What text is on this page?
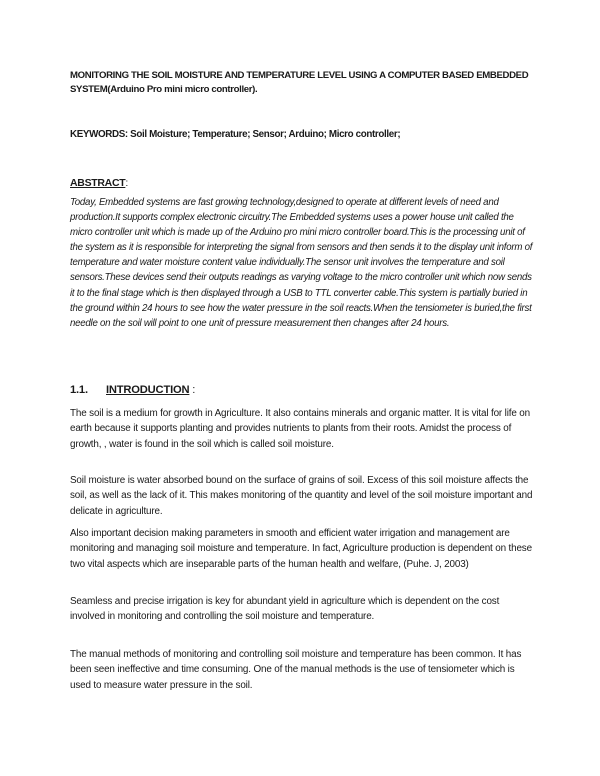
MONITORING THE SOIL MOISTURE AND TEMPERATURE LEVEL USING A COMPUTER BASED EMBEDDED SYSTEM(Arduino Pro mini micro controller).

KEYWORDS: Soil Moisture; Temperature; Sensor; Arduino; Micro controller;

ABSTRACT:

Today, Embedded systems are fast growing technology,designed to operate at different levels of need and production.It supports complex electronic circuitry.The Embedded systems uses a power house unit called the micro controller unit which is made up of the Arduino pro mini micro controller board.This is the processing unit of the system as it is responsible for interpreting the signal from sensors and then sends it to the display unit inform of temperature and water moisture content value individually.The sensor unit involves the temperature and soil sensors.These devices send their outputs readings as varying voltage to the micro controller unit which now sends it to the final stage which is then displayed through a USB to TTL converter cable.This system is partially buried in the ground within 24 hours to see how the water pressure in the soil reacts.When the tensiometer is buried,the first needle on the soil will point to one unit of pressure measurement then changes after 24 hours.

1.1. INTRODUCTION :

The soil is a medium for growth in Agriculture. It also contains minerals and organic matter. It is vital for life on earth because it supports planting and provides nutrients to plants from their roots. Amidst the process of growth, , water is found in the soil which is called soil moisture.

Soil moisture is water absorbed bound on the surface of grains of soil. Excess of this soil moisture affects the soil, as well as the lack of it. This makes monitoring of the quantity and level of the soil moisture important and delicate in agriculture.

Also important decision making parameters in smooth and efficient water irrigation and management are monitoring and managing soil moisture and temperature. In fact, Agriculture production is dependent on these two vital aspects which are inseparable parts of the human health and welfare, (Puhe. J, 2003)

Seamless and precise irrigation is key for abundant yield in agriculture which is dependent on the cost involved in monitoring and controlling the soil moisture and temperature.

The manual methods of monitoring and controlling soil moisture and temperature has been common. It has been seen ineffective and time consuming. One of the manual methods is the use of tensiometer which is used to measure water pressure in the soil.
